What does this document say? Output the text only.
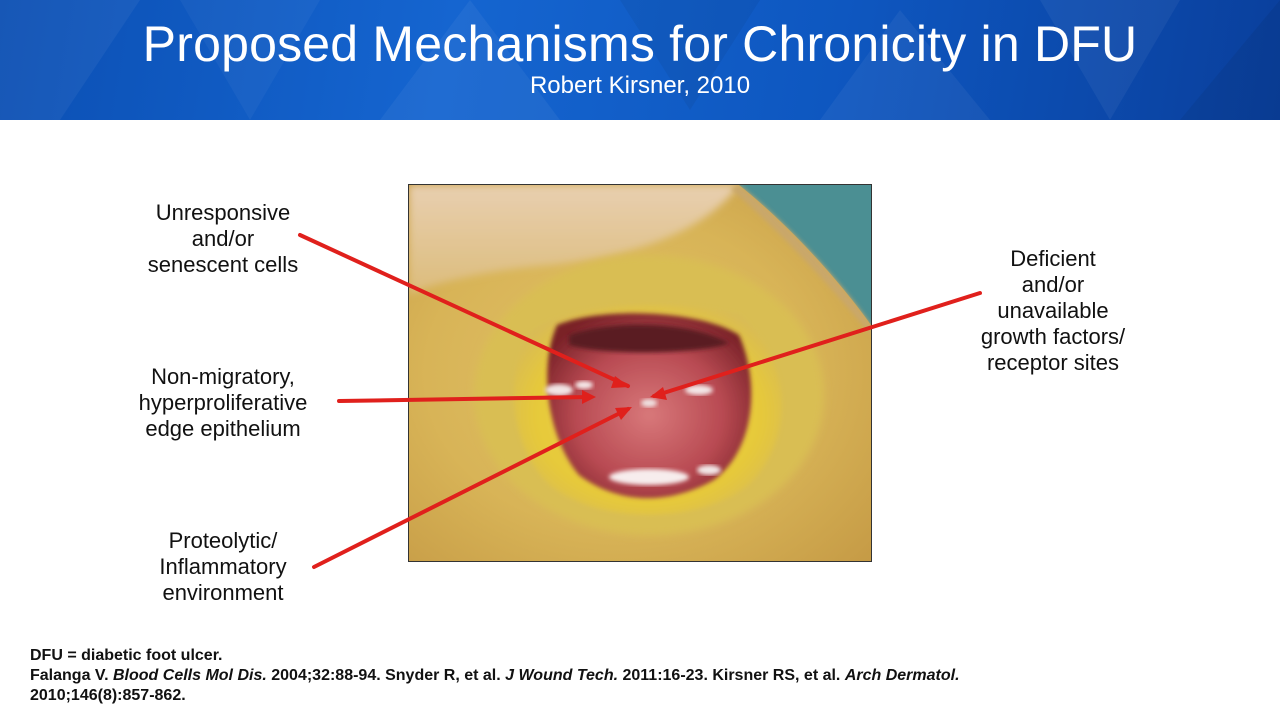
Proposed Mechanisms for Chronicity in DFU
Robert Kirsner, 2010
Unresponsive
and/or
senescent cells
Non-migratory,
hyperproliferative
edge epithelium
Proteolytic/
Inflammatory
environment
Deficient
and/or
unavailable
growth factors/
receptor sites
DFU = diabetic foot ulcer.
Falanga V. Blood Cells Mol Dis. 2004;32:88-94. Snyder R, et al. J Wound Tech. 2011:16-23. Kirsner RS, et al. Arch Dermatol.
2010;146(8):857-862.
